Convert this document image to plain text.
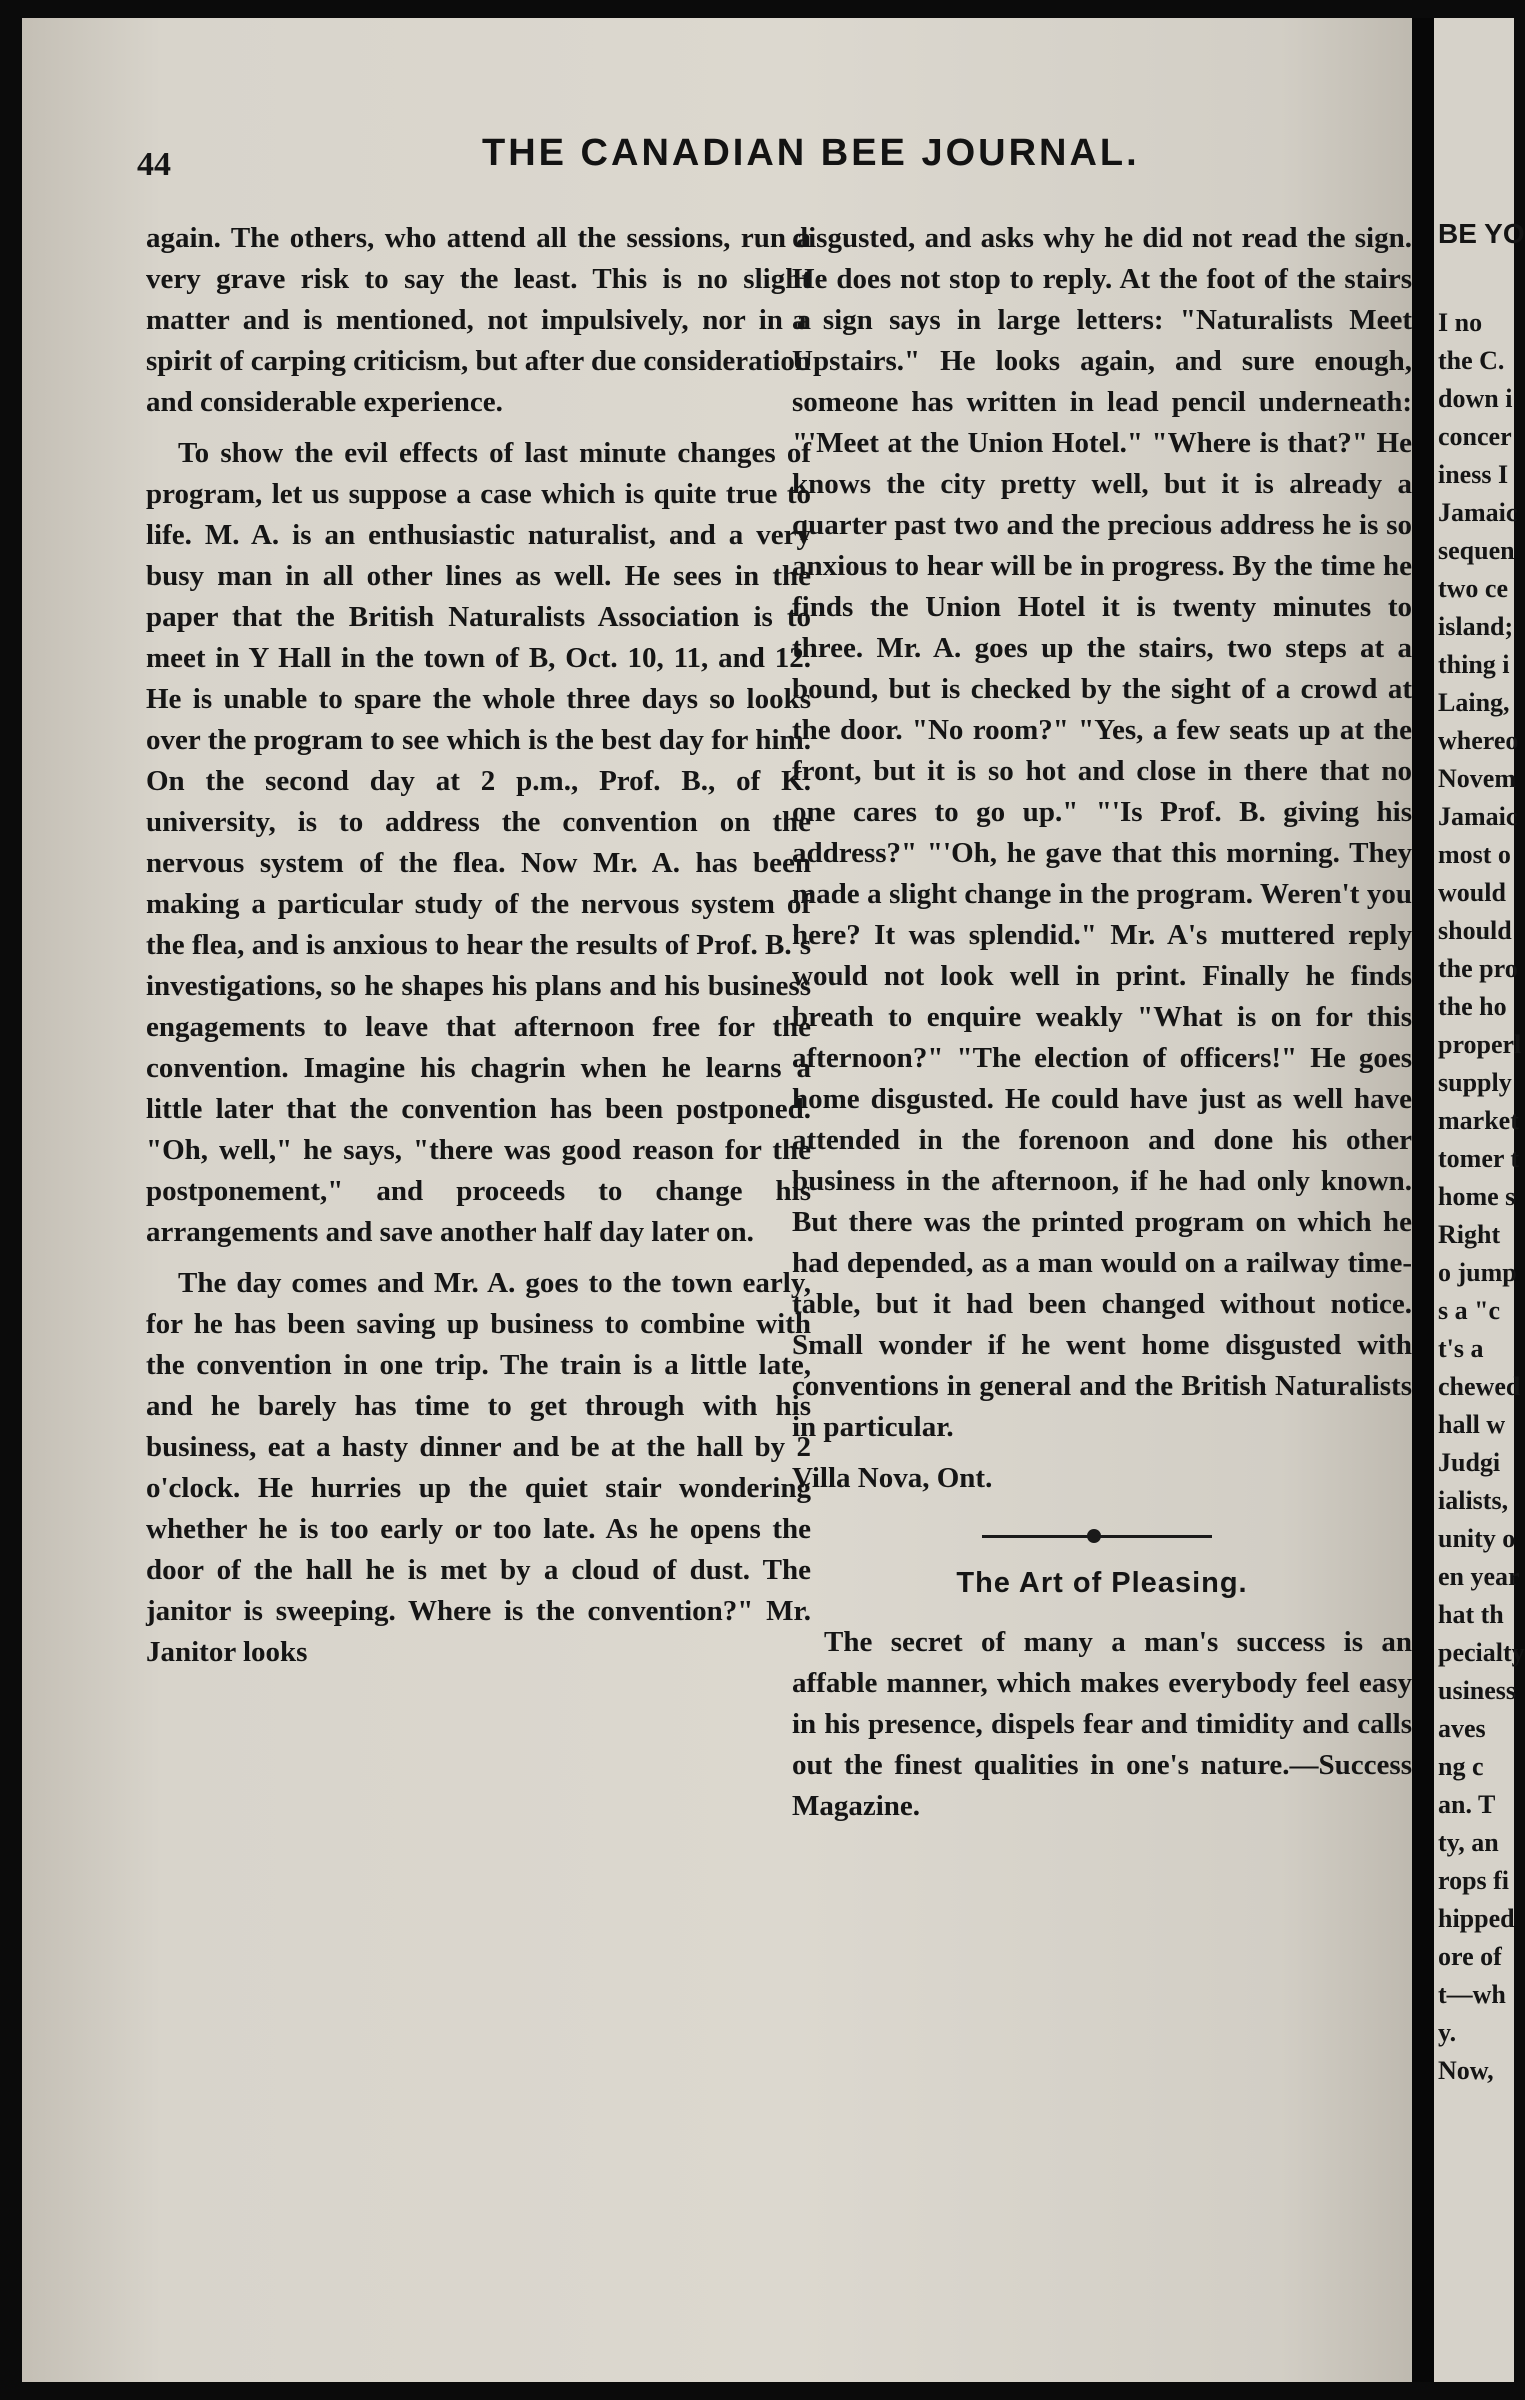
44	THE CANADIAN BEE JOURNAL.

again. The others, who attend all the sessions, run a very grave risk to say the least. This is no slight matter and is mentioned, not impulsively, nor in a spirit of carping criticism, but after due consideration and considerable experience.

To show the evil effects of last minute changes of program, let us suppose a case which is quite true to life. M. A. is an enthusiastic naturalist, and a very busy man in all other lines as well. He sees in the paper that the British Naturalists Association is to meet in Y Hall in the town of B, Oct. 10, 11, and 12. He is unable to spare the whole three days so looks over the program to see which is the best day for him. On the second day at 2 p.m., Prof. B., of K. university, is to address the convention on the nervous system of the flea. Now Mr. A. has been making a particular study of the nervous system of the flea, and is anxious to hear the results of Prof. B.'s investigations, so he shapes his plans and his business engagements to leave that afternoon free for the convention. Imagine his chagrin when he learns a little later that the convention has been postponed. "Oh, well," he says, "there was good reason for the postponement," and proceeds to change his arrangements and save another half day later on.

The day comes and Mr. A. goes to the town early, for he has been saving up business to combine with the convention in one trip. The train is a little late, and he barely has time to get through with his business, eat a hasty dinner and be at the hall by 2 o'clock. He hurries up the quiet stair wondering whether he is too early or too late. As he opens the door of the hall he is met by a cloud of dust. The janitor is sweeping. Where is the convention?" Mr. Janitor looks

disgusted, and asks why he did not read the sign. He does not stop to reply. At the foot of the stairs a sign says in large letters: "Naturalists Meet Upstairs." He looks again, and sure enough, someone has written in lead pencil underneath: "'Meet at the Union Hotel." "Where is that?" He knows the city pretty well, but it is already a quarter past two and the precious address he is so anxious to hear will be in progress. By the time he finds the Union Hotel it is twenty minutes to three. Mr. A. goes up the stairs, two steps at a bound, but is checked by the sight of a crowd at the door. "No room?" "Yes, a few seats up at the front, but it is so hot and close in there that no one cares to go up." "'Is Prof. B. giving his address?" "'Oh, he gave that this morning. They made a slight change in the program. Weren't you here? It was splendid." Mr. A's muttered reply would not look well in print. Finally he finds breath to enquire weakly "What is on for this afternoon?" "The election of officers!" He goes home disgusted. He could have just as well have attended in the forenoon and done his other business in the afternoon, if he had only known. But there was the printed program on which he had depended, as a man would on a railway time-table, but it had been changed without notice. Small wonder if he went home disgusted with conventions in general and the British Naturalists in particular.

Villa Nova, Ont.

The Art of Pleasing.

The secret of many a man's success is an affable manner, which makes everybody feel easy in his presence, dispels fear and timidity and calls out the finest qualities in one's nature.—Success Magazine.

BE YO
I no
the C.
down i
concer
iness I
Jamaic
sequen
two ce
island;
thing i
Laing,
whereo
Novem
Jamaic
most o
would
should
the pro
the ho
properl
supply
market
tomer t
home s
Right
o jump
s a "c
t's a
chewed
hall w
Judgi
ialists,
unity o
en year
hat th
pecialty
usiness
aves
ng c
an. T
ty, an
rops fi
hipped
ore of
t—wh
y.
Now,
